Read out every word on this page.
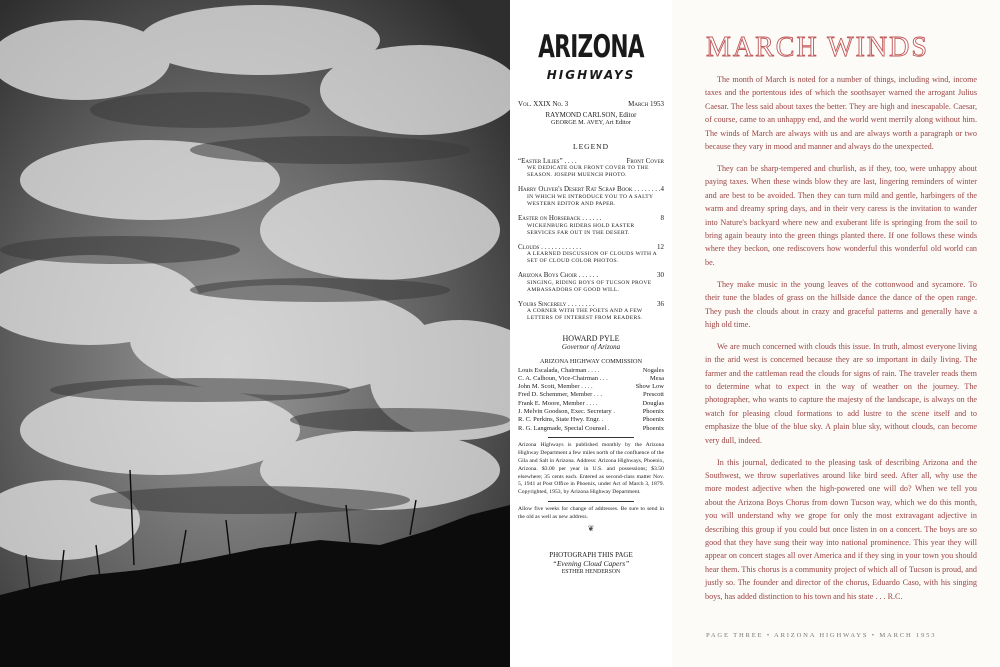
ARIZONA
HIGHWAYS
Vol. XXIX No. 3	March 1953
RAYMOND CARLSON, Editor
GEORGE M. AVEY, Art Editor
LEGEND
“Easter Lilies” . . . .	Front Cover
WE DEDICATE OUR FRONT COVER TO THE SEASON. JOSEPH MUENCH PHOTO.
Harry Oliver's Desert Rat Scrap Book . . . . . . . . 4
IN WHICH WE INTRODUCE YOU TO A SALTY WESTERN EDITOR AND PAPER.
Easter on Horseback . . . . . .	8
WICKENBURG RIDERS HOLD EASTER SERVICES FAR OUT IN THE DESERT.
Clouds . . . . . . . . . . . .	12
A LEARNED DISCUSSION OF CLOUDS WITH A SET OF CLOUD COLOR PHOTOS.
Arizona Boys Choir . . . . . .	30
SINGING, RIDING BOYS OF TUCSON PROVE AMBASSADORS OF GOOD WILL.
Yours Sincerely . . . . . . . .	36
A CORNER WITH THE POETS AND A FEW LETTERS OF INTEREST FROM READERS.
HOWARD PYLE
Governor of Arizona
ARIZONA HIGHWAY COMMISSION
Louis Escalada, Chairman . . . .	Nogales
C. A. Calhoun, Vice-Chairman . . .	Mesa
John M. Scott, Member . . . .	Show Low
Fred D. Schemmer, Member . . .	Prescott
Frank E. Moore, Member . . . .	Douglas
J. Melvin Goodson, Exec. Secretary .	Phoenix
R. C. Perkins, State Hwy. Engr. .	Phoenix
R. G. Langmade, Special Counsel .	Phoenix
Arizona Highways is published monthly by the Arizona Highway Department a few miles north of the confluence of the Gila and Salt in Arizona. Address: Arizona Highways, Phoenix, Arizona. $3.00 per year in U.S. and possessions; $3.50 elsewhere; 35 cents each. Entered as second-class matter Nov. 5, 1941 at Post Office in Phoenix, under Act of March 3, 1879. Copyrighted, 1953, by Arizona Highway Department.
Allow five weeks for change of addresses. Be sure to send in the old as well as new address.
❦
PHOTOGRAPH THIS PAGE
“Evening Cloud Capers”
ESTHER HENDERSON
MARCH WINDS

The month of March is noted for a number of things, including wind, income taxes and the portentous ides of which the soothsayer warned the arrogant Julius Caesar. The less said about taxes the better. They are high and inescapable. Caesar, of course, came to an unhappy end, and the world went merrily along without him. The winds of March are always with us and are always worth a paragraph or two because they vary in mood and manner and always do the unexpected.

They can be sharp-tempered and churlish, as if they, too, were unhappy about paying taxes. When these winds blow they are last, lingering reminders of winter and are best to be avoided. Then they can turn mild and gentle, harbingers of the warm and dreamy spring days, and in their very caress is the invitation to wander into Nature's backyard where new and exuberant life is springing from the soil to bring again beauty into the green things planted there. If one follows these winds where they beckon, one rediscovers how wonderful this wonderful old world can be.

They make music in the young leaves of the cottonwood and sycamore. To their tune the blades of grass on the hillside dance the dance of the open range. They push the clouds about in crazy and graceful patterns and generally have a high old time.

We are much concerned with clouds this issue. In truth, almost everyone living in the arid west is concerned because they are so important in daily living. The farmer and the cattleman read the clouds for signs of rain. The traveler reads them to determine what to expect in the way of weather on the journey. The photographer, who wants to capture the majesty of the landscape, is always on the watch for pleasing cloud formations to add lustre to the scene itself and to emphasize the blue of the blue sky. A plain blue sky, without clouds, can become very dull, indeed.

In this journal, dedicated to the pleasing task of describing Arizona and the Southwest, we throw superlatives around like bird seed. After all, why use the more modest adjective when the high-powered one will do? When we tell you about the Arizona Boys Chorus from down Tucson way, which we do this month, you will understand why we grope for only the most extravagant adjective in describing this group if you could but once listen in on a concert. The boys are so good that they have sung their way into national prominence. This year they will appear on concert stages all over America and if they sing in your town you should hear them. This chorus is a community project of which all of Tucson is proud, and justly so. The founder and director of the chorus, Eduardo Caso, with his singing boys, has added distinction to his town and his state . . . R.C.

PAGE THREE • ARIZONA HIGHWAYS • MARCH 1953
